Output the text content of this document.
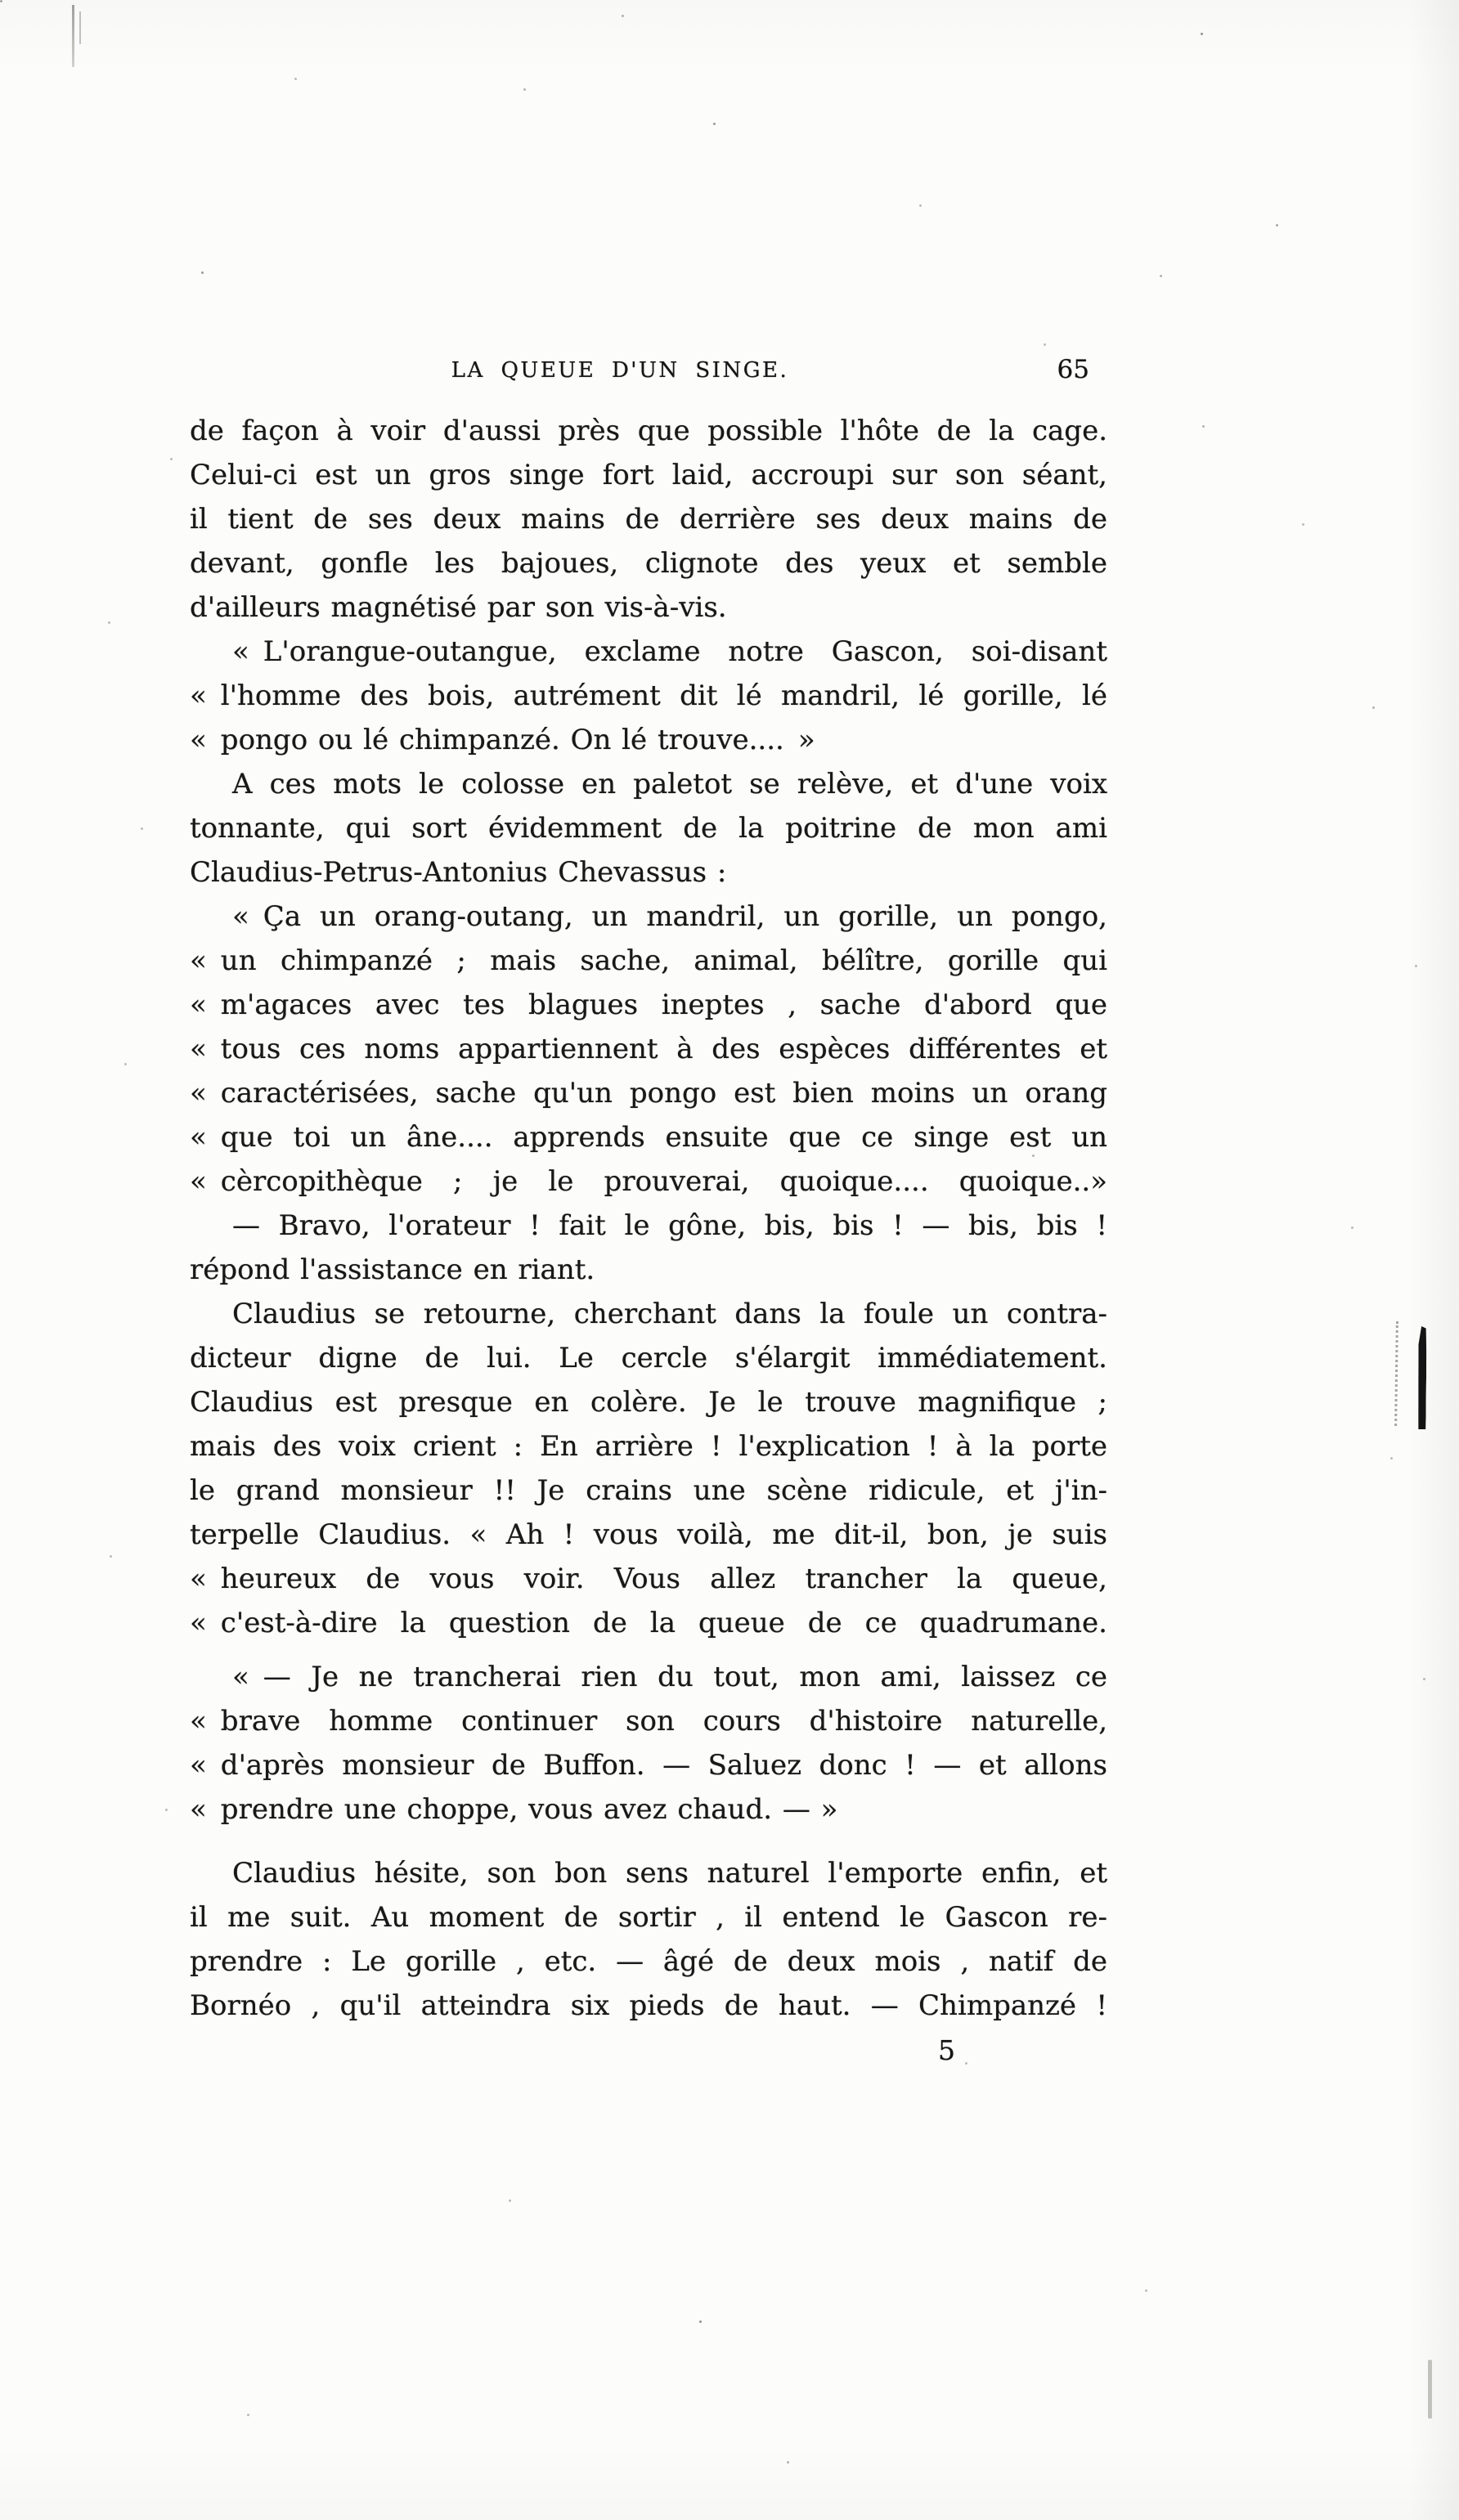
LA QUEUE D'UN SINGE.	65
de façon à voir d'aussi près que possible l'hôte de la cage.
Celui-ci est un gros singe fort laid, accroupi sur son séant,
il tient de ses deux mains de derrière ses deux mains de
devant, gonfle les bajoues, clignote des yeux et semble
d'ailleurs magnétisé par son vis-à-vis.
« L'orangue-outangue, exclame notre Gascon, soi-disant
« l'homme des bois, autrément dit lé mandril, lé gorille, lé
« pongo ou lé chimpanzé. On lé trouve.... »
A ces mots le colosse en paletot se relève, et d'une voix
tonnante, qui sort évidemment de la poitrine de mon ami
Claudius-Petrus-Antonius Chevassus :
« Ça un orang-outang, un mandril, un gorille, un pongo,
« un chimpanzé ; mais sache, animal, bélître, gorille qui
« m'agaces avec tes blagues ineptes , sache d'abord que
« tous ces noms appartiennent à des espèces différentes et
« caractérisées, sache qu'un pongo est bien moins un orang
« que toi un âne.... apprends ensuite que ce singe est un
« cèrcopithèque ; je le prouverai, quoique.... quoique..»
— Bravo, l'orateur ! fait le gône, bis, bis ! — bis, bis !
répond l'assistance en riant.
Claudius se retourne, cherchant dans la foule un contra-
dicteur digne de lui. Le cercle s'élargit immédiatement.
Claudius est presque en colère. Je le trouve magnifique ;
mais des voix crient : En arrière ! l'explication ! à la porte
le grand monsieur !! Je crains une scène ridicule, et j'in-
terpelle Claudius. « Ah ! vous voilà, me dit-il, bon, je suis
« heureux de vous voir. Vous allez trancher la queue,
« c'est-à-dire la question de la queue de ce quadrumane.
« — Je ne trancherai rien du tout, mon ami, laissez ce
« brave homme continuer son cours d'histoire naturelle,
« d'après monsieur de Buffon. — Saluez donc ! — et allons
« prendre une choppe, vous avez chaud. — »
Claudius hésite, son bon sens naturel l'emporte enfin, et
il me suit. Au moment de sortir , il entend le Gascon re-
prendre : Le gorille , etc. — âgé de deux mois , natif de
Bornéo , qu'il atteindra six pieds de haut. — Chimpanzé !
5
